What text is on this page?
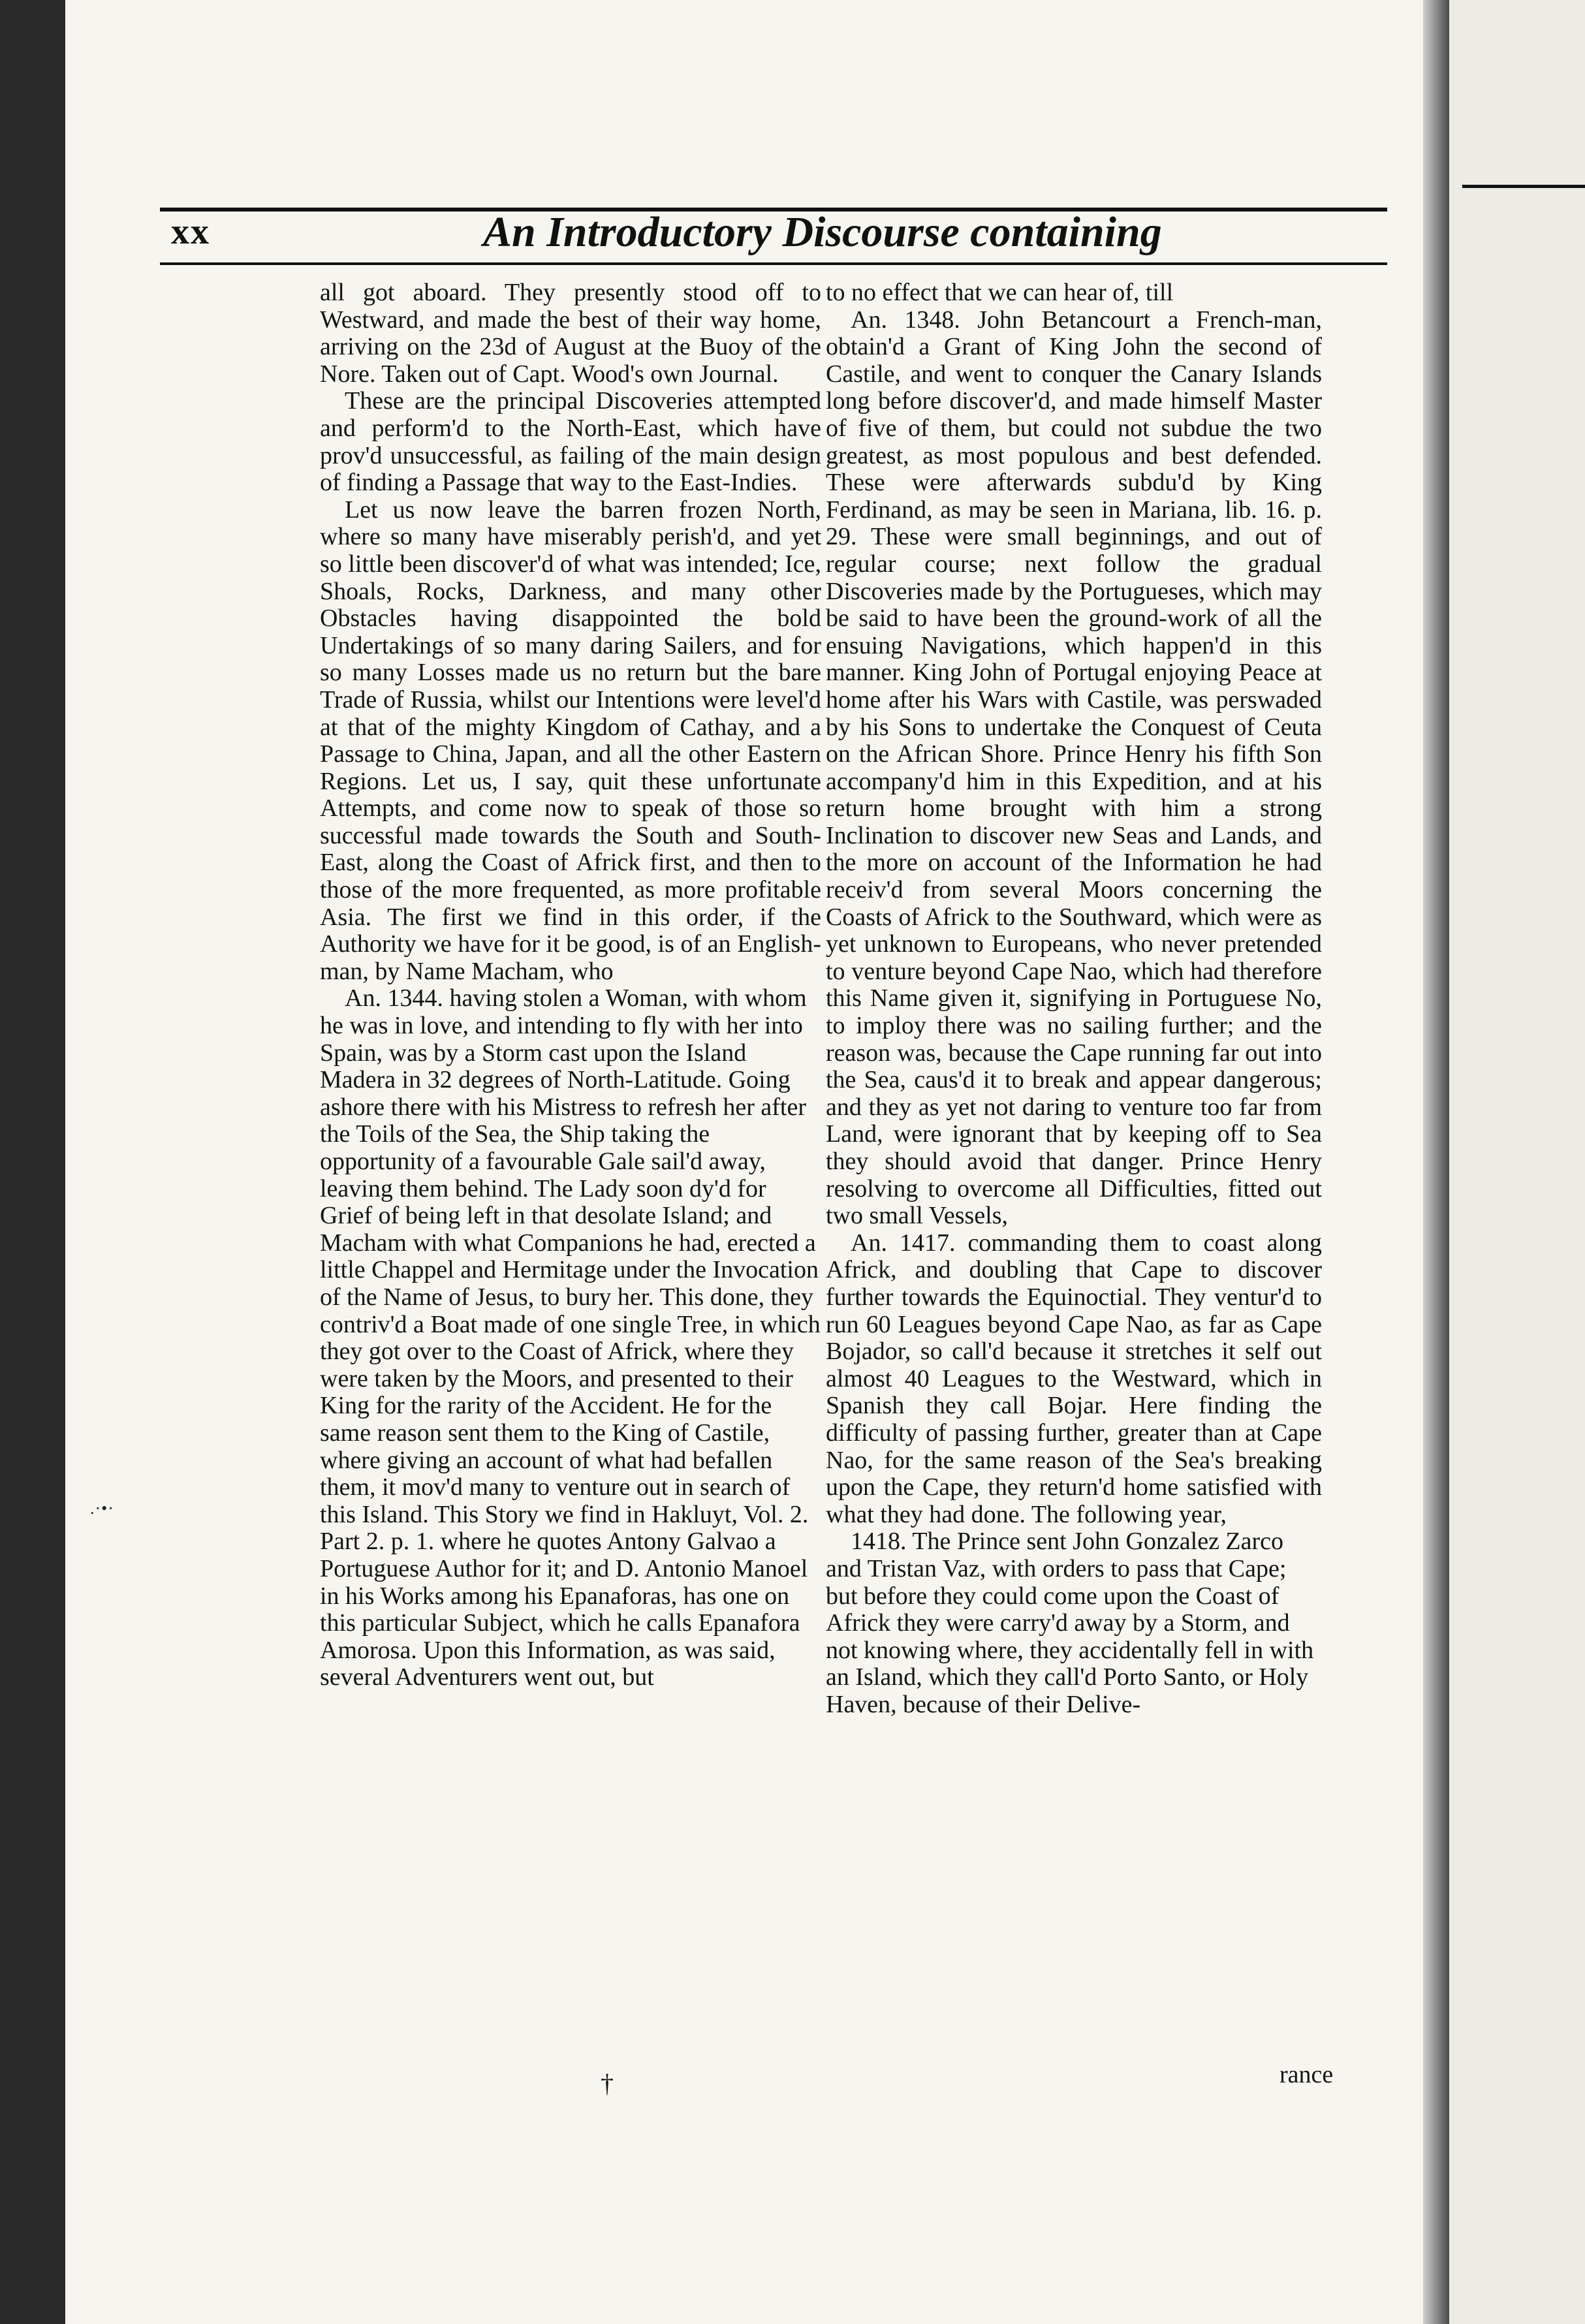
xx	An Introductory Discourse containing
.·•·

all got aboard. They presently stood off to Westward, and made the best of their way home, arriving on the 23d of August at the Buoy of the Nore. Taken out of Capt. Wood's own Journal.

These are the principal Discoveries attempted and perform'd to the North-East, which have prov'd unsuccessful, as failing of the main design of finding a Passage that way to the East-Indies.

Let us now leave the barren frozen North, where so many have miserably perish'd, and yet so little been discover'd of what was intended; Ice, Shoals, Rocks, Darkness, and many other Obstacles having disappointed the bold Undertakings of so many daring Sailers, and for so many Losses made us no return but the bare Trade of Russia, whilst our Intentions were level'd at that of the mighty Kingdom of Cathay, and a Passage to China, Japan, and all the other Eastern Regions. Let us, I say, quit these unfortunate Attempts, and come now to speak of those so successful made towards the South and South-East, along the Coast of Africk first, and then to those of the more frequented, as more profitable Asia. The first we find in this order, if the Authority we have for it be good, is of an English-man, by Name Macham, who

An. 1344. having stolen a Woman, with whom he was in love, and intending to fly with her into Spain, was by a Storm cast upon the Island Madera in 32 degrees of North-Latitude. Going ashore there with his Mistress to refresh her after the Toils of the Sea, the Ship taking the opportunity of a favourable Gale sail'd away, leaving them behind. The Lady soon dy'd for Grief of being left in that desolate Island; and Macham with what Companions he had, erected a little Chappel and Hermitage under the Invocation of the Name of Jesus, to bury her. This done, they contriv'd a Boat made of one single Tree, in which they got over to the Coast of Africk, where they were taken by the Moors, and presented to their King for the rarity of the Accident. He for the same reason sent them to the King of Castile, where giving an account of what had befallen them, it mov'd many to venture out in search of this Island. This Story we find in Hakluyt, Vol. 2. Part 2. p. 1. where he quotes Antony Galvao a Portuguese Author for it; and D. Antonio Manoel in his Works among his Epanaforas, has one on this particular Subject, which he calls Epanafora Amorosa. Upon this Information, as was said, several Adventurers went out, but

to no effect that we can hear of, till

An. 1348. John Betancourt a French-man, obtain'd a Grant of King John the second of Castile, and went to conquer the Canary Islands long before discover'd, and made himself Master of five of them, but could not subdue the two greatest, as most populous and best defended. These were afterwards subdu'd by King Ferdinand, as may be seen in Mariana, lib. 16. p. 29. These were small beginnings, and out of regular course; next follow the gradual Discoveries made by the Portugueses, which may be said to have been the ground-work of all the ensuing Navigations, which happen'd in this manner. King John of Portugal enjoying Peace at home after his Wars with Castile, was perswaded by his Sons to undertake the Conquest of Ceuta on the African Shore. Prince Henry his fifth Son accompany'd him in this Expedition, and at his return home brought with him a strong Inclination to discover new Seas and Lands, and the more on account of the Information he had receiv'd from several Moors concerning the Coasts of Africk to the Southward, which were as yet unknown to Europeans, who never pretended to venture beyond Cape Nao, which had therefore this Name given it, signifying in Portuguese No, to imploy there was no sailing further; and the reason was, because the Cape running far out into the Sea, caus'd it to break and appear dangerous; and they as yet not daring to venture too far from Land, were ignorant that by keeping off to Sea they should avoid that danger. Prince Henry resolving to overcome all Difficulties, fitted out two small Vessels,

An. 1417. commanding them to coast along Africk, and doubling that Cape to discover further towards the Equinoctial. They ventur'd to run 60 Leagues beyond Cape Nao, as far as Cape Bojador, so call'd because it stretches it self out almost 40 Leagues to the Westward, which in Spanish they call Bojar. Here finding the difficulty of passing further, greater than at Cape Nao, for the same reason of the Sea's breaking upon the Cape, they return'd home satisfied with what they had done. The following year,

1418. The Prince sent John Gonzalez Zarco and Tristan Vaz, with orders to pass that Cape; but before they could come upon the Coast of Africk they were carry'd away by a Storm, and not knowing where, they accidentally fell in with an Island, which they call'd Porto Santo, or Holy Haven, because of their Delive-

†	rance
